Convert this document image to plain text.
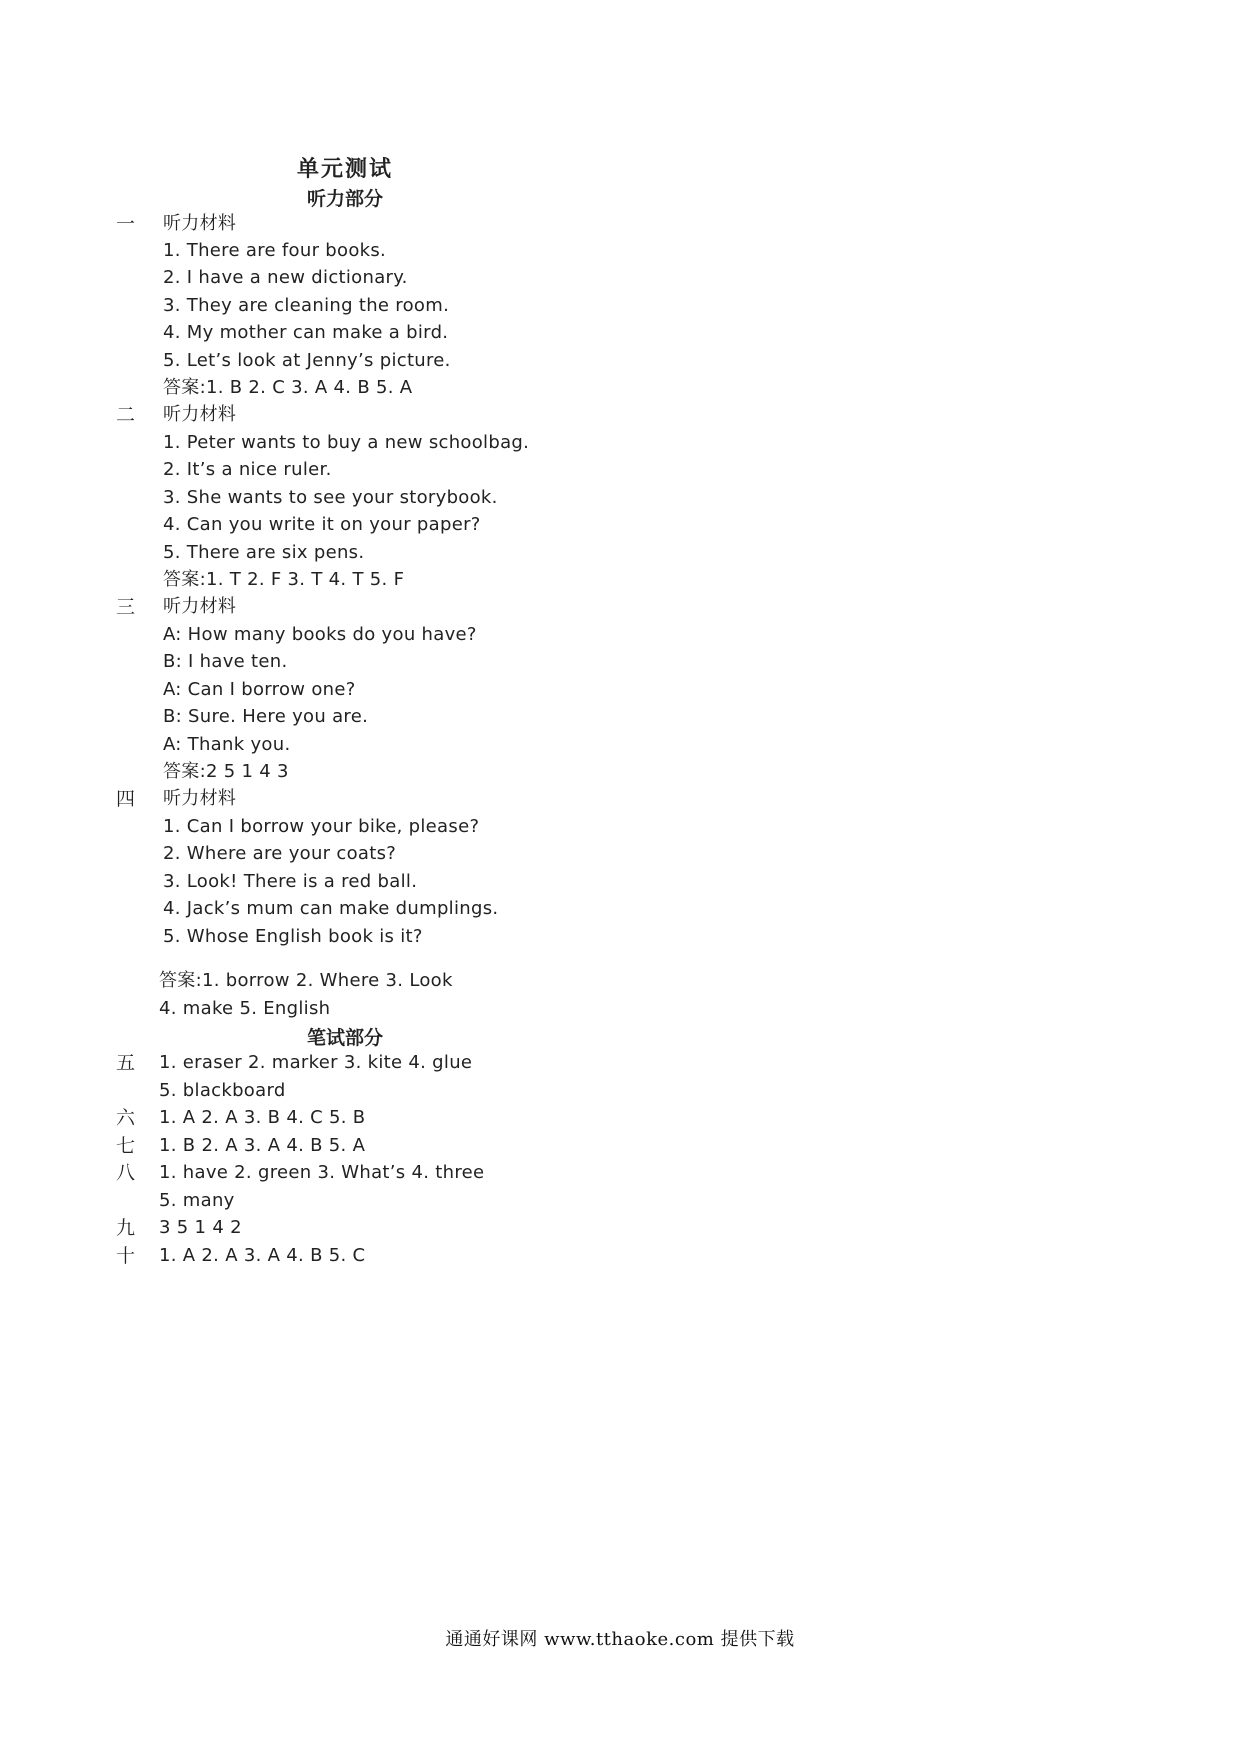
单元测试
听力部分
一 听力材料
1. There are four books.
2. I have a new dictionary.
3. They are cleaning the room.
4. My mother can make a bird.
5. Let’s look at Jenny’s picture.
答案:1. B 2. C 3. A 4. B 5. A
二 听力材料
1. Peter wants to buy a new schoolbag.
2. It’s a nice ruler.
3. She wants to see your storybook.
4. Can you write it on your paper?
5. There are six pens.
答案:1. T 2. F 3. T 4. T 5. F
三 听力材料
A: How many books do you have?
B: I have ten.
A: Can I borrow one?
B: Sure. Here you are.
A: Thank you.
答案:2 5 1 4 3
四 听力材料
1. Can I borrow your bike, please?
2. Where are your coats?
3. Look! There is a red ball.
4. Jack’s mum can make dumplings.
5. Whose English book is it?
答案:1. borrow 2. Where 3. Look
4. make 5. English
笔试部分
五 1. eraser 2. marker 3. kite 4. glue
5. blackboard
六 1. A 2. A 3. B 4. C 5. B
七 1. B 2. A 3. A 4. B 5. A
八 1. have 2. green 3. What’s 4. three
5. many
九 3 5 1 4 2
十 1. A 2. A 3. A 4. B 5. C
通通好课网 www.tthaoke.com 提供下载
